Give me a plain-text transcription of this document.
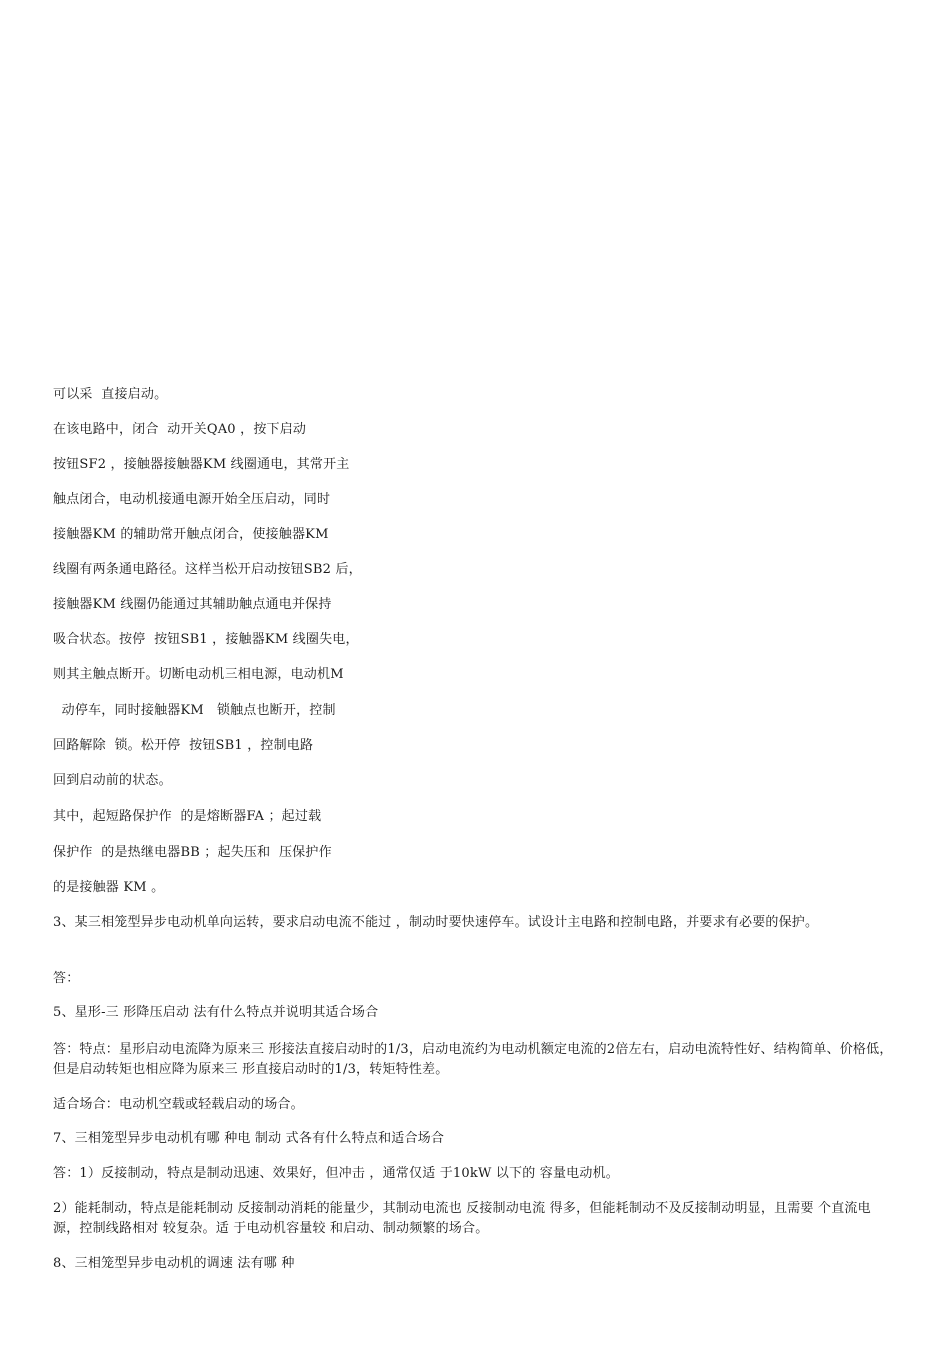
可以采  直接启动。
在该电路中，闭合  动开关QA0 ，按下启动
按钮SF2 ，接触器接触器KM 线圈通电，其常开主
触点闭合，电动机接通电源开始全压启动，同时
接触器KM 的辅助常开触点闭合，使接触器KM
线圈有两条通电路径。这样当松开启动按钮SB2 后，
接触器KM 线圈仍能通过其辅助触点通电并保持
吸合状态。按停  按钮SB1 ，接触器KM 线圈失电，
则其主触点断开。切断电动机三相电源，电动机M
动停车，同时接触器KM   锁触点也断开，控制
回路解除  锁。松开停  按钮SB1 ，控制电路
回到启动前的状态。
其中，起短路保护作  的是熔断器FA ；起过载
保护作  的是热继电器BB ；起失压和  压保护作
的是接触器 KM 。
3、某三相笼型异步电动机单向运转，要求启动电流不能过 ，制动时要快速停车。试设计主电路和控制电路，并要求有必要的保护。
答：
5、星形-三 形降压启动 法有什么特点并说明其适合场合
答：特点：星形启动电流降为原来三 形接法直接启动时的1/3，启动电流约为电动机额定电流的2倍左右，启动电流特性好、结构简单、价格低，但是启动转矩也相应降为原来三 形直接启动时的1/3，转矩特性差。
适合场合：电动机空载或轻载启动的场合。
7、三相笼型异步电动机有哪 种电 制动 式各有什么特点和适合场合
答：1）反接制动，特点是制动迅速、效果好，但冲击 ，通常仅适 于10kW 以下的 容量电动机。
2）能耗制动，特点是能耗制动 反接制动消耗的能量少，其制动电流也 反接制动电流 得多，但能耗制动不及反接制动明显，且需要 个直流电源，控制线路相对 较复杂。适 于电动机容量较 和启动、制动频繁的场合。
8、三相笼型异步电动机的调速 法有哪 种
